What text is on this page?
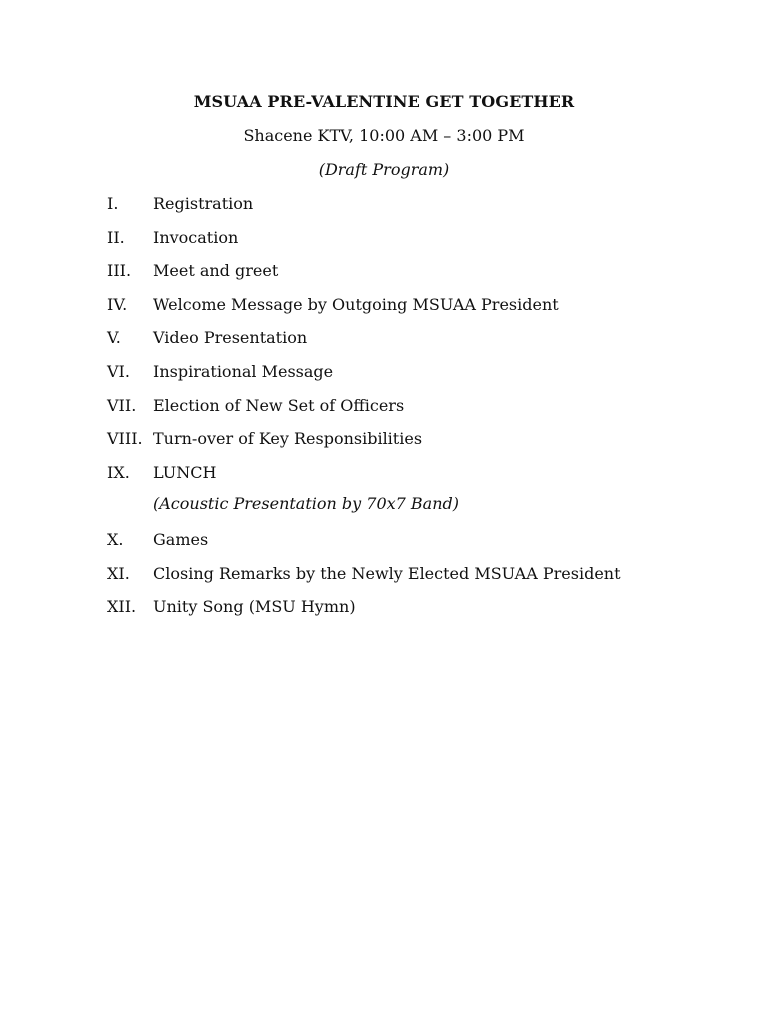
MSUAA PRE-VALENTINE GET TOGETHER
Shacene KTV, 10:00 AM – 3:00 PM
(Draft Program)
I.	Registration
II.	Invocation
III.	Meet and greet
IV.	Welcome Message by Outgoing MSUAA President
V.	Video Presentation
VI.	Inspirational Message
VII.	Election of New Set of Officers
VIII. Turn-over of Key Responsibilities
IX.	LUNCH
(Acoustic Presentation by 70x7 Band)
X.	Games
XI.	Closing Remarks by the Newly Elected MSUAA President
XII.	Unity Song (MSU Hymn)
